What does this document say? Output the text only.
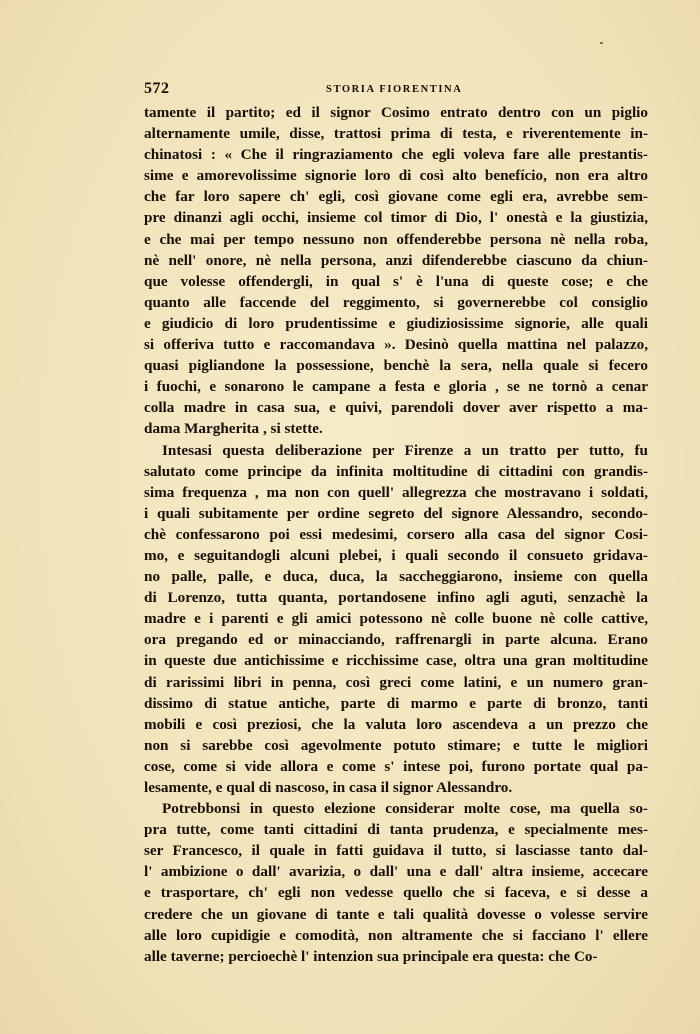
572	STORIA FIORENTINA
tamente il partito; ed il signor Cosimo entrato dentro con un piglio
alternamente umile, disse, trattosi prima di testa, e riverentemente in-
chinatosi : « Che il ringraziamento che egli voleva fare alle prestantis-
sime e amorevolissime signorie loro di così alto benefício, non era altro
che far loro sapere ch' egli, così giovane come egli era, avrebbe sem-
pre dinanzi agli occhi, insieme col timor di Dio, l' onestà e la giustizia,
e che mai per tempo nessuno non offenderebbe persona nè nella roba,
nè nell' onore, nè nella persona, anzi difenderebbe ciascuno da chiun-
que volesse offendergli, in qual s' è l'una di queste cose; e che
quanto alle faccende del reggimento, si governerebbe col consiglio
e giudicio di loro prudentissime e giudiziosissime signorie, alle quali
si offeriva tutto e raccomandava ». Desinò quella mattina nel palazzo,
quasi pigliandone la possessione, benchè la sera, nella quale si fecero
i fuochi, e sonarono le campane a festa e gloria , se ne tornò a cenar
colla madre in casa sua, e quivi, parendoli dover aver rispetto a ma-
dama Margherita , si stette.
Intesasi questa deliberazione per Firenze a un tratto per tutto, fu
salutato come principe da infinita moltitudine di cittadini con grandis-
sima frequenza , ma non con quell' allegrezza che mostravano i soldati,
i quali subitamente per ordine segreto del signore Alessandro, secondo-
chè confessarono poi essi medesimi, corsero alla casa del signor Cosi-
mo, e seguitandogli alcuni plebei, i quali secondo il consueto gridava-
no palle, palle, e duca, duca, la saccheggiarono, insieme con quella
di Lorenzo, tutta quanta, portandosene infino agli aguti, senzachè la
madre e i parenti e gli amici potessono nè colle buone nè colle cattive,
ora pregando ed or minacciando, raffrenargli in parte alcuna. Erano
in queste due antichissime e ricchissime case, oltra una gran moltitudine
di rarissimi libri in penna, così greci come latini, e un numero gran-
dissimo di statue antiche, parte di marmo e parte di bronzo, tanti
mobili e così preziosi, che la valuta loro ascendeva a un prezzo che
non si sarebbe così agevolmente potuto stimare; e tutte le migliori
cose, come si vide allora e come s' intese poi, furono portate qual pa-
lesamente, e qual di nascoso, in casa il signor Alessandro.
Potrebbonsi in questo elezione considerar molte cose, ma quella so-
pra tutte, come tanti cittadini di tanta prudenza, e specialmente mes-
ser Francesco, il quale in fatti guidava il tutto, si lasciasse tanto dal-
l' ambizione o dall' avarizia, o dall' una e dall' altra insieme, accecare
e trasportare, ch' egli non vedesse quello che si faceva, e si desse a
credere che un giovane di tante e tali qualità dovesse o volesse servire
alle loro cupidigie e comodità, non altramente che si facciano l' ellere
alle taverne; percioechè l' intenzion sua principale era questa: che Co-
